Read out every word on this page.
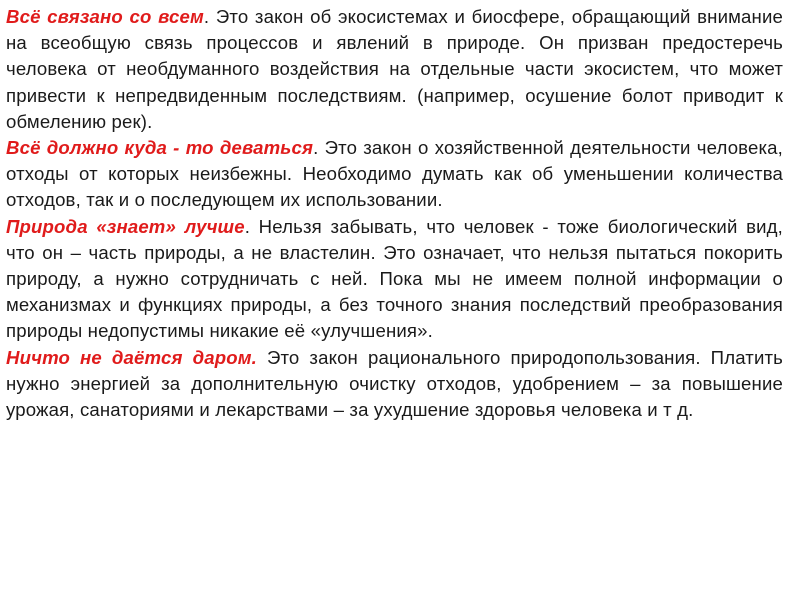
Всё связано со всем. Это закон об экосистемах и биосфере, обращающий внимание на всеобщую связь процессов и явлений в природе. Он призван предостеречь человека от необдуманного воздействия на отдельные части экосистем, что может привести к непредвиденным последствиям. (например, осушение болот приводит к обмелению рек).

Всё должно куда - то деваться. Это закон о хозяйственной деятельности человека, отходы от которых неизбежны. Необходимо думать как об уменьшении количества отходов, так и о последующем их использовании.

Природа «знает» лучше. Нельзя забывать, что человек - тоже биологический вид, что он – часть природы, а не властелин. Это означает, что нельзя пытаться покорить природу, а нужно сотрудничать с ней. Пока мы не имеем полной информации о механизмах и функциях природы, а без точного знания последствий преобразования природы недопустимы никакие её «улучшения».

Ничто не даётся даром. Это закон рационального природопользования. Платить нужно энергией за дополнительную очистку отходов, удобрением – за повышение урожая, санаториями и лекарствами – за ухудшение здоровья человека и т д.
